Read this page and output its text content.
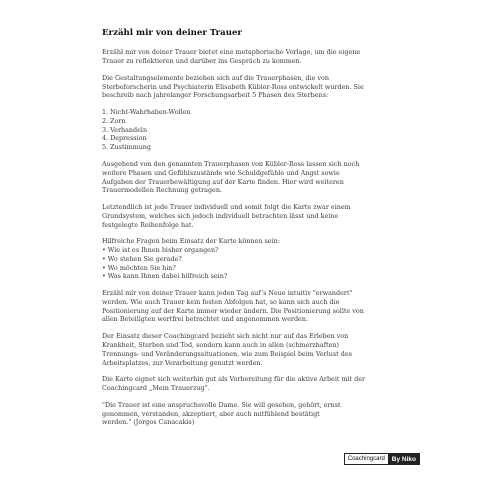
Erzähl mir von deiner Trauer

Erzähl mir von deiner Trauer bietet eine metaphorische Vorlage, um die eigene
Trauer zu reflektieren und darüber ins Gespräch zu kommen.

Die Gestaltungselemente beziehen sich auf die Trauerphasen, die von
Sterbeforscherin und Psychiaterin Elisabeth Kübler-Ross entwickelt wurden. Sie
beschreib nach jahrelanger Forschungsarbeit 5 Phasen des Sterbens:

1. Nicht-Wahrhaben-Wollen
2. Zorn
3. Verhandeln
4. Depression
5. Zustimmung

Ausgehend von den genannten Trauerphasen von Kübler-Ross lassen sich noch
weitere Phasen und Gefühlszustände wie Schuldgefühle und Angst sowie
Aufgaben der Trauerbewältigung auf der Karte finden. Hier wird weiteren
Trauermodellen Rechnung getragen.

Letztendlich ist jede Trauer individuell und somit folgt die Karte zwar einem
Grundsystem, welches sich jedoch individuell betrachten lässt und keine
festgelegte Reihenfolge hat.

Hilfreiche Fragen beim Einsatz der Karte können sein:
• Wie ist es Ihnen bisher ergangen?
• Wo stehen Sie gerade?
• Wo möchten Sie hin?
• Was kann Ihnen dabei hilfreich sein?

Erzähl mir von deiner Trauer kann jeden Tag auf’s Neue intuitiv "erwandert"
werden. Wie auch Trauer kein festen Abfolgen hat, so kann sich auch die
Positionierung auf der Karte immer wieder ändern. Die Positionierung sollte von
allen Beteiligten wertfrei betrachtet und angenommen werden.

Der Einsatz dieser Coachingcard bezieht sich nicht nur auf das Erleben von
Krankheit, Sterben und Tod, sondern kann auch in allen (schmerzhaften)
Trennungs- und Veränderungssituationen, wie zum Beispiel beim Verlust des
Arbeitsplatzes, zur Verarbeitung genutzt werden.

Die Karte eignet sich weiterhin gut als Vorbereitung für die aktive Arbeit mit der
Coachingcard „Mein Trauerzug“.

"Die Trauer ist eine anspruchsvolle Dame. Sie will gesehen, gehört, ernst
genommen, verstanden, akzeptiert, aber auch mitfühlend bestätigt
werden." (Jorgos Canacakis)

Coachingcard	By Niko
